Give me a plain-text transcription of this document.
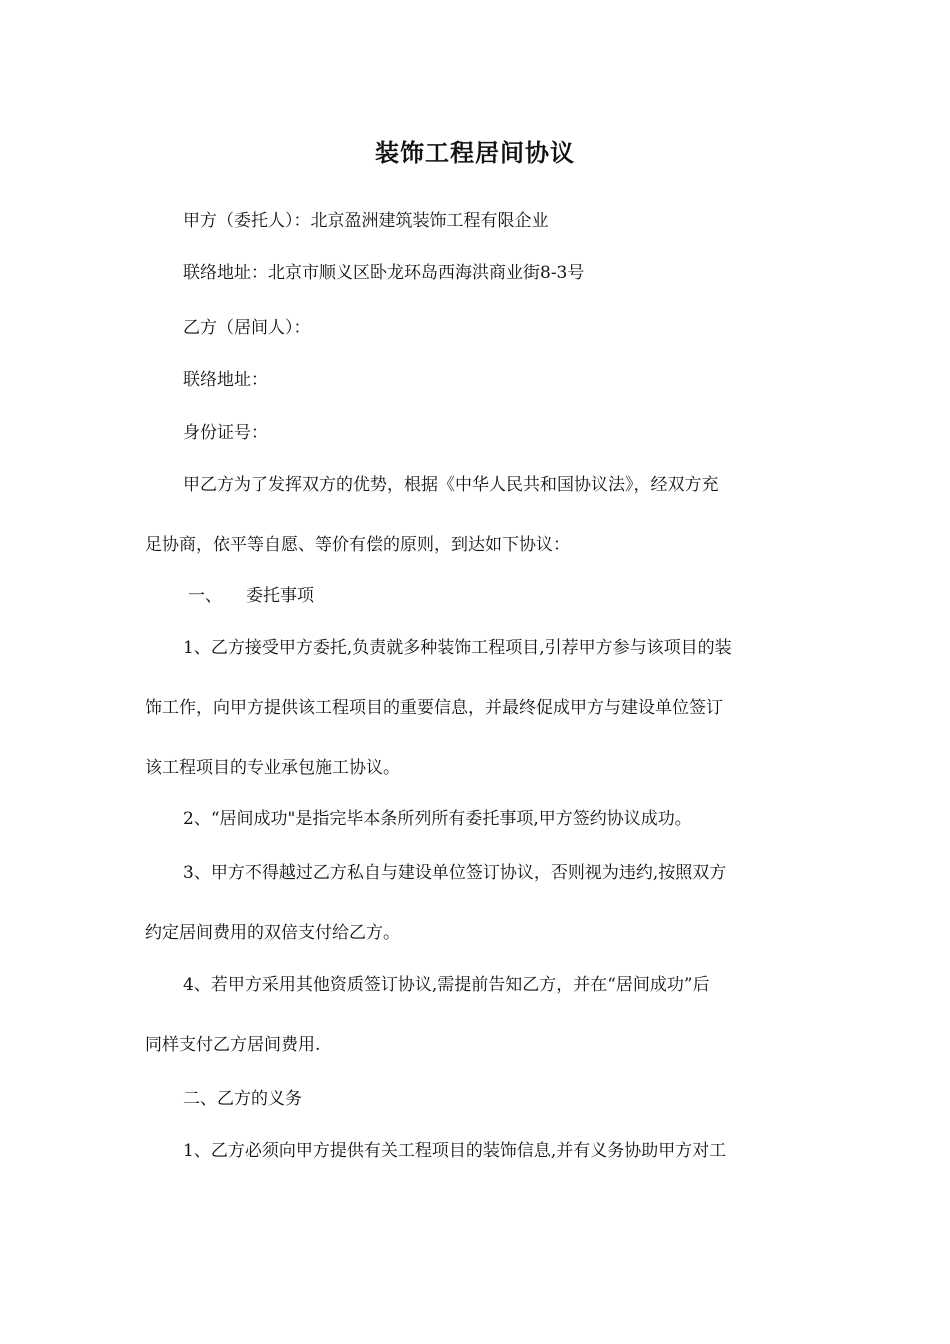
装饰工程居间协议
甲方（委托人）：北京盈洲建筑装饰工程有限企业
联络地址：北京市顺义区卧龙环岛西海洪商业街8-3号
乙方（居间人）：
联络地址：
身份证号：
甲乙方为了发挥双方的优势，根据《中华人民共和国协议法》，经双方充
足协商，依平等自愿、等价有偿的原则，到达如下协议：
一、 委托事项
1、乙方接受甲方委托,负责就多种装饰工程项目,引荐甲方参与该项目的装
饰工作，向甲方提供该工程项目的重要信息，并最终促成甲方与建设单位签订
该工程项目的专业承包施工协议。
2、“居间成功"是指完毕本条所列所有委托事项,甲方签约协议成功。
3、甲方不得越过乙方私自与建设单位签订协议，否则视为违约,按照双方
约定居间费用的双倍支付给乙方。
4、若甲方采用其他资质签订协议,需提前告知乙方，并在“居间成功”后
同样支付乙方居间费用.
二、乙方的义务
1、乙方必须向甲方提供有关工程项目的装饰信息,并有义务协助甲方对工
